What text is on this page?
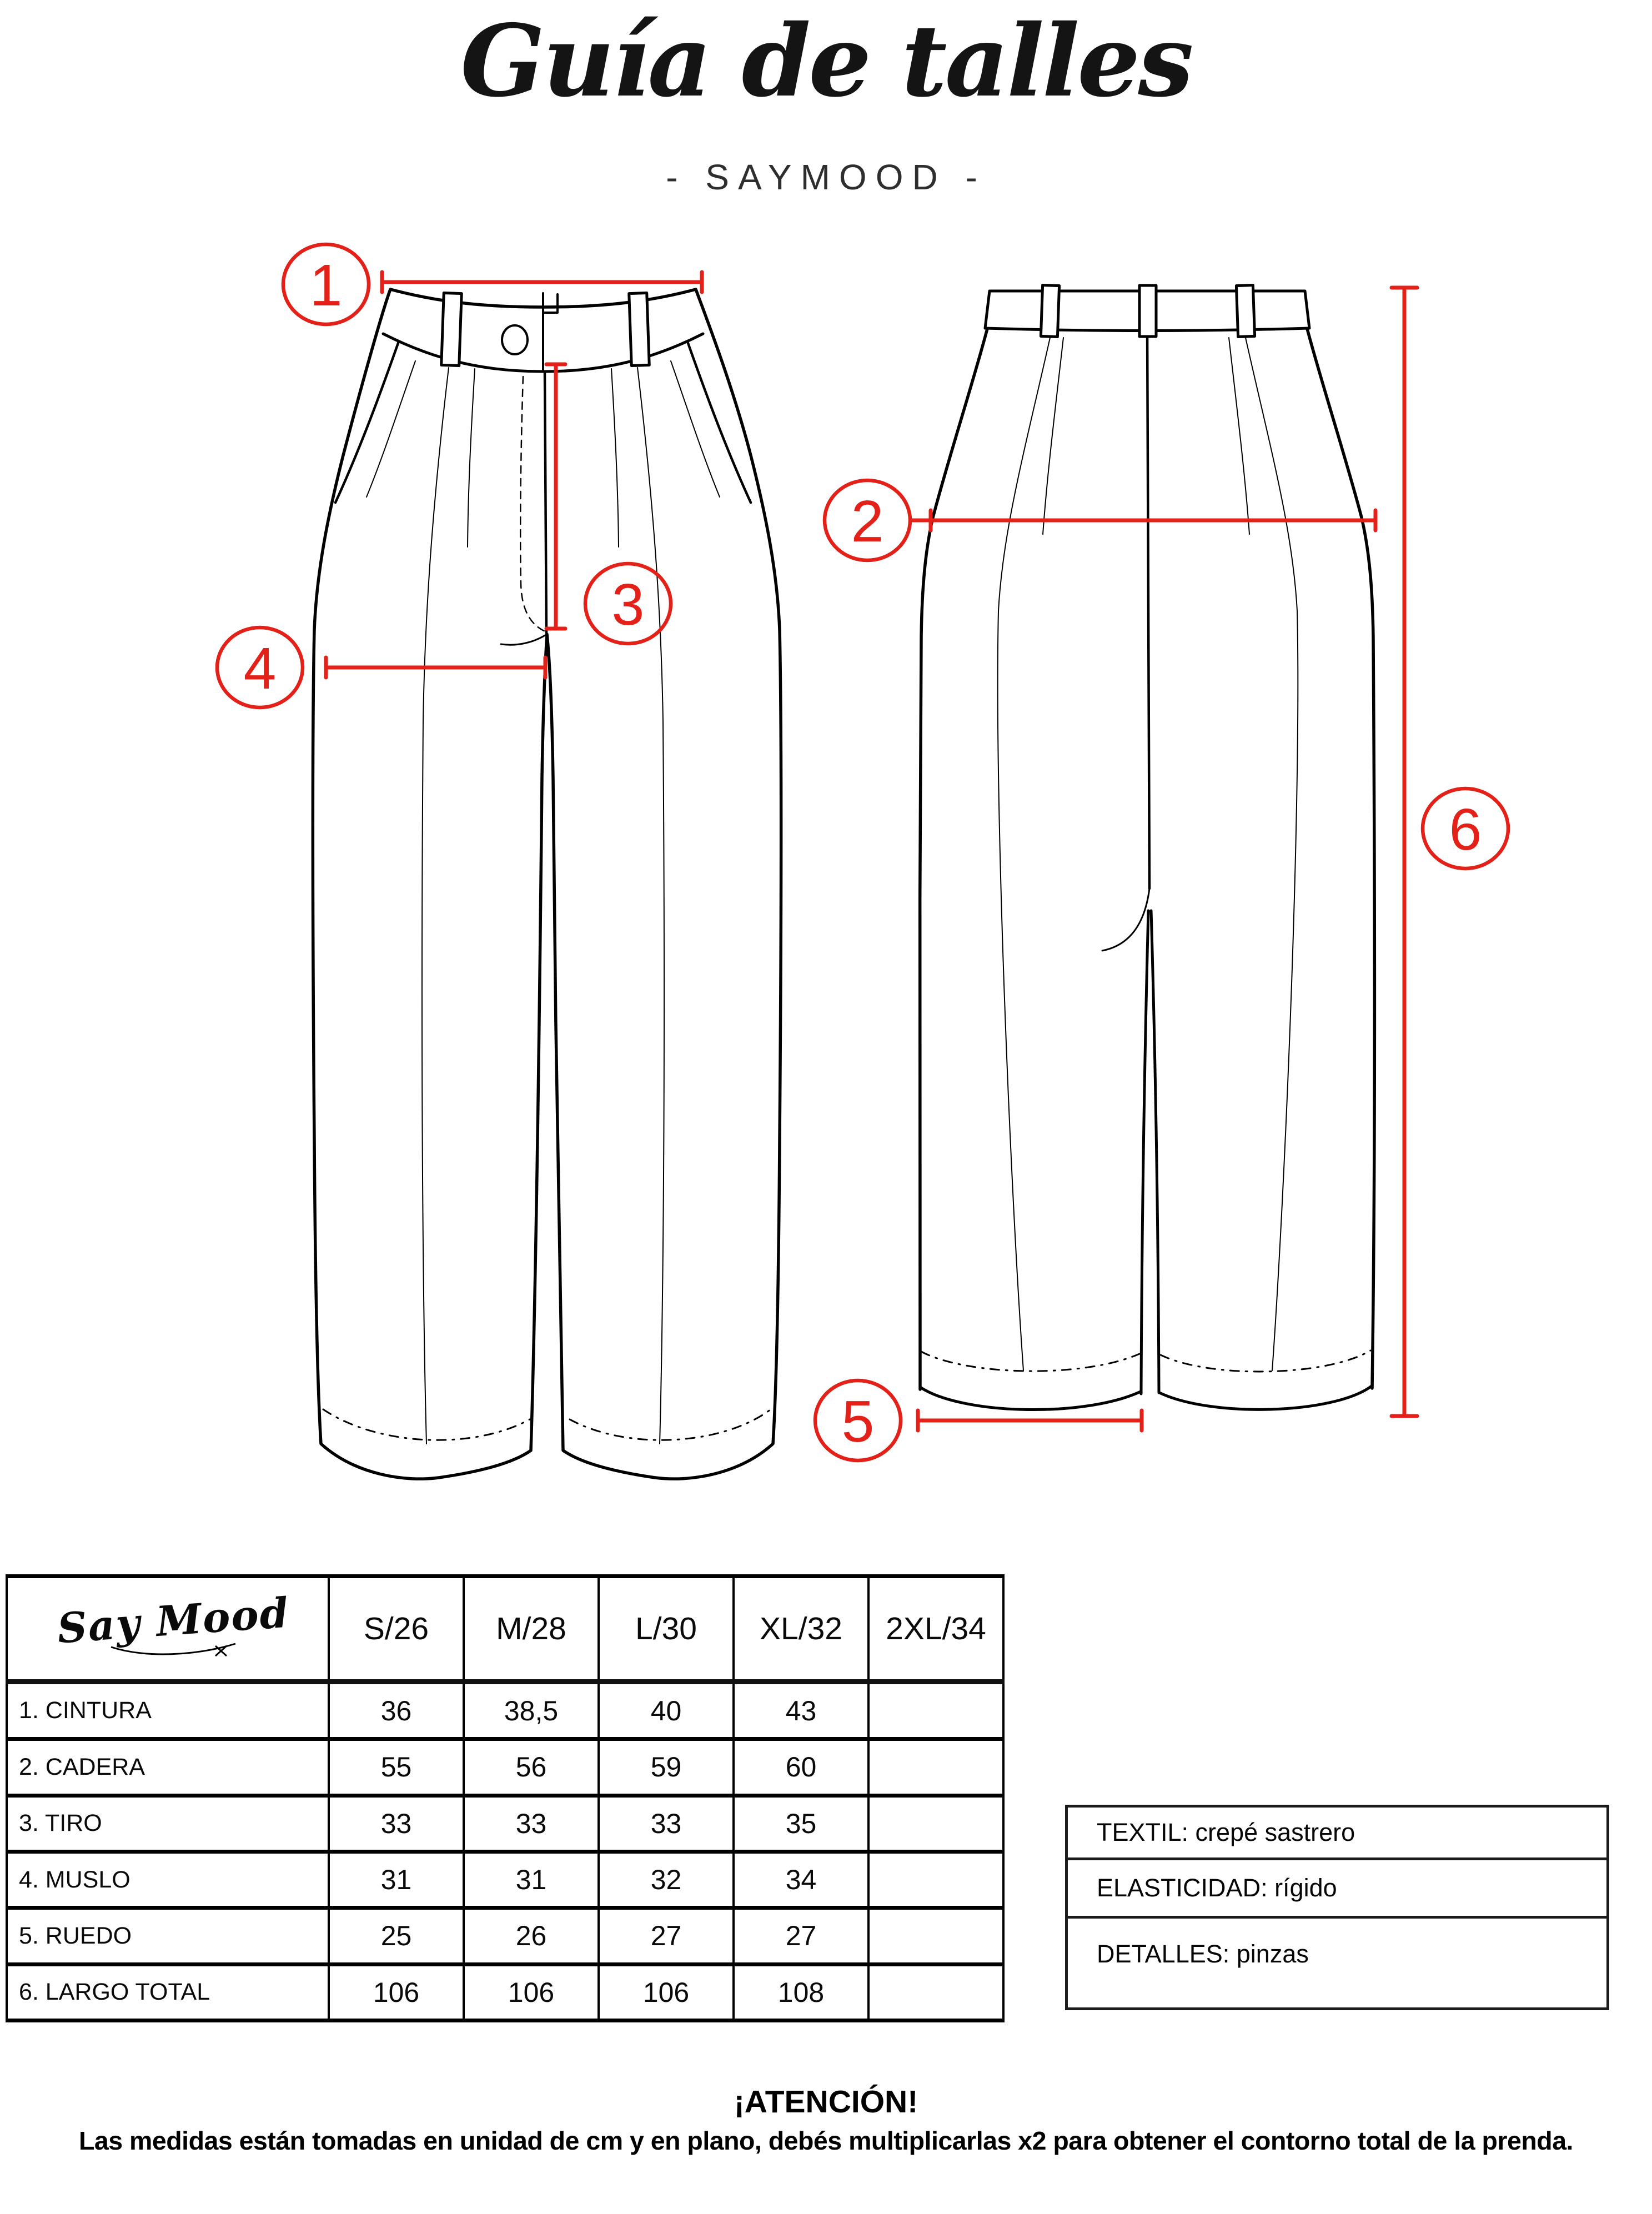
Guía de talles
- SAYMOOD -
1
2
3
4
5
6
Say Mood	S/26	M/28	L/30	XL/32	2XL/34
1. CINTURA	36	38,5	40	43	
2. CADERA	55	56	59	60	
3. TIRO	33	33	33	35	
4. MUSLO	31	31	32	34	
5. RUEDO	25	26	27	27	
6. LARGO TOTAL	106	106	106	108	
TEXTIL: crepé sastrero
ELASTICIDAD: rígido
DETALLES: pinzas
¡ATENCIÓN!
Las medidas están tomadas en unidad de cm y en plano, debés multiplicarlas x2 para obtener el contorno total de la prenda.
